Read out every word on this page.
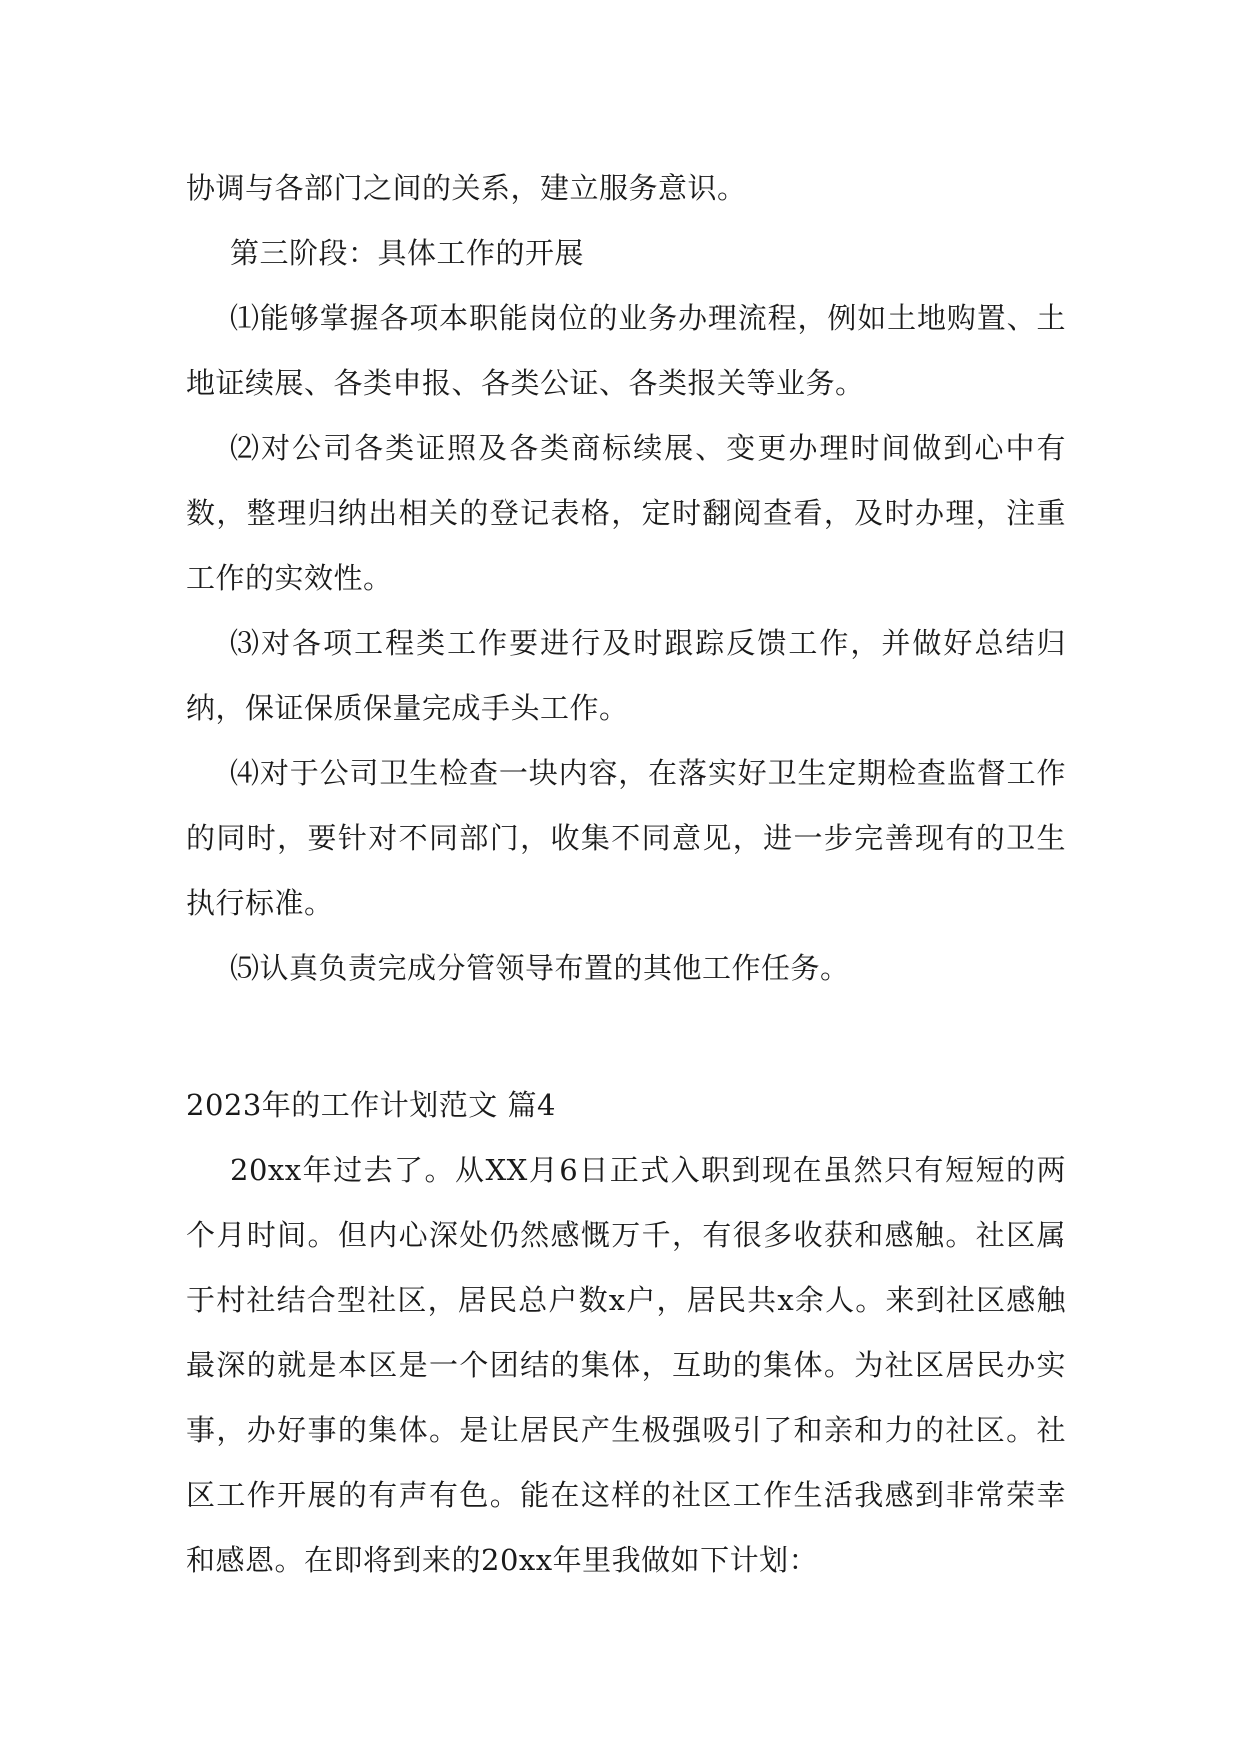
协调与各部门之间的关系，建立服务意识。

第三阶段：具体工作的开展

⑴能够掌握各项本职能岗位的业务办理流程，例如土地购置、土地证续展、各类申报、各类公证、各类报关等业务。

⑵对公司各类证照及各类商标续展、变更办理时间做到心中有数，整理归纳出相关的登记表格，定时翻阅查看，及时办理，注重工作的实效性。

⑶对各项工程类工作要进行及时跟踪反馈工作，并做好总结归纳，保证保质保量完成手头工作。

⑷对于公司卫生检查一块内容，在落实好卫生定期检查监督工作的同时，要针对不同部门，收集不同意见，进一步完善现有的卫生执行标准。

⑸认真负责完成分管领导布置的其他工作任务。

2023年的工作计划范文 篇4

20xx年过去了。从XX月6日正式入职到现在虽然只有短短的两个月时间。但内心深处仍然感慨万千，有很多收获和感触。社区属于村社结合型社区，居民总户数x户，居民共x余人。来到社区感触最深的就是本区是一个团结的集体，互助的集体。为社区居民办实事，办好事的集体。是让居民产生极强吸引了和亲和力的社区。社区工作开展的有声有色。能在这样的社区工作生活我感到非常荣幸和感恩。在即将到来的20xx年里我做如下计划：
